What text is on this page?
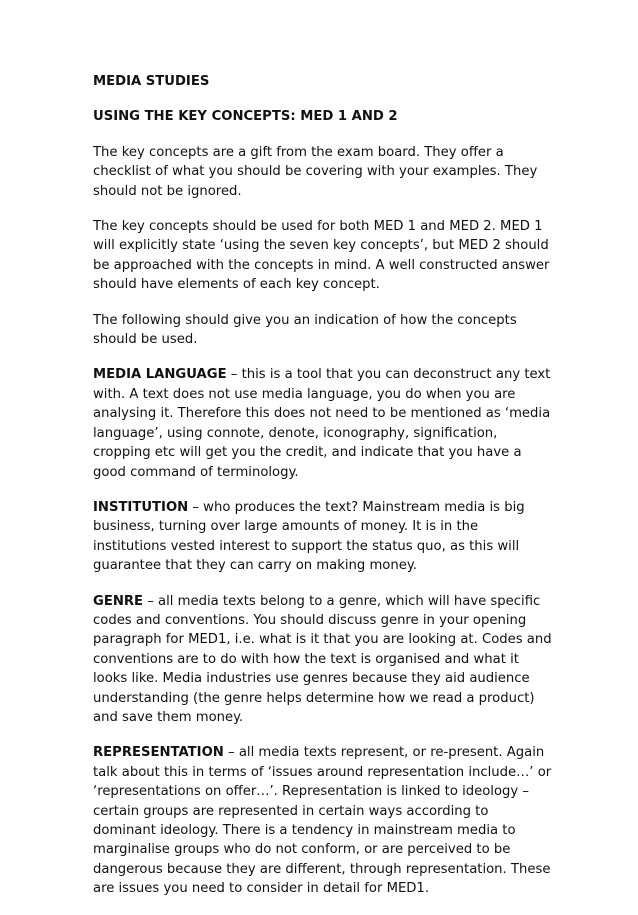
MEDIA STUDIES

USING THE KEY CONCEPTS: MED 1 AND 2

The key concepts are a gift from the exam board. They offer a checklist of what you should be covering with your examples. They should not be ignored.

The key concepts should be used for both MED 1 and MED 2. MED 1 will explicitly state ‘using the seven key concepts’, but MED 2 should be approached with the concepts in mind. A well constructed answer should have elements of each key concept.

The following should give you an indication of how the concepts should be used.

MEDIA LANGUAGE – this is a tool that you can deconstruct any text with. A text does not use media language, you do when you are analysing it. Therefore this does not need to be mentioned as ‘media language’, using connote, denote, iconography, signification, cropping etc will get you the credit, and indicate that you have a good command of terminology.

INSTITUTION – who produces the text? Mainstream media is big business, turning over large amounts of money. It is in the institutions vested interest to support the status quo, as this will guarantee that they can carry on making money.

GENRE – all media texts belong to a genre, which will have specific codes and conventions. You should discuss genre in your opening paragraph for MED1, i.e. what is it that you are looking at. Codes and conventions are to do with how the text is organised and what it looks like. Media industries use genres because they aid audience understanding (the genre helps determine how we read a product) and save them money.

REPRESENTATION – all media texts represent, or re-present. Again talk about this in terms of ‘issues around representation include…’ or ‘representations on offer…’. Representation is linked to ideology – certain groups are represented in certain ways according to dominant ideology. There is a tendency in mainstream media to marginalise groups who do not conform, or are perceived to be dangerous because they are different, through representation. These are issues you need to consider in detail for MED1.
